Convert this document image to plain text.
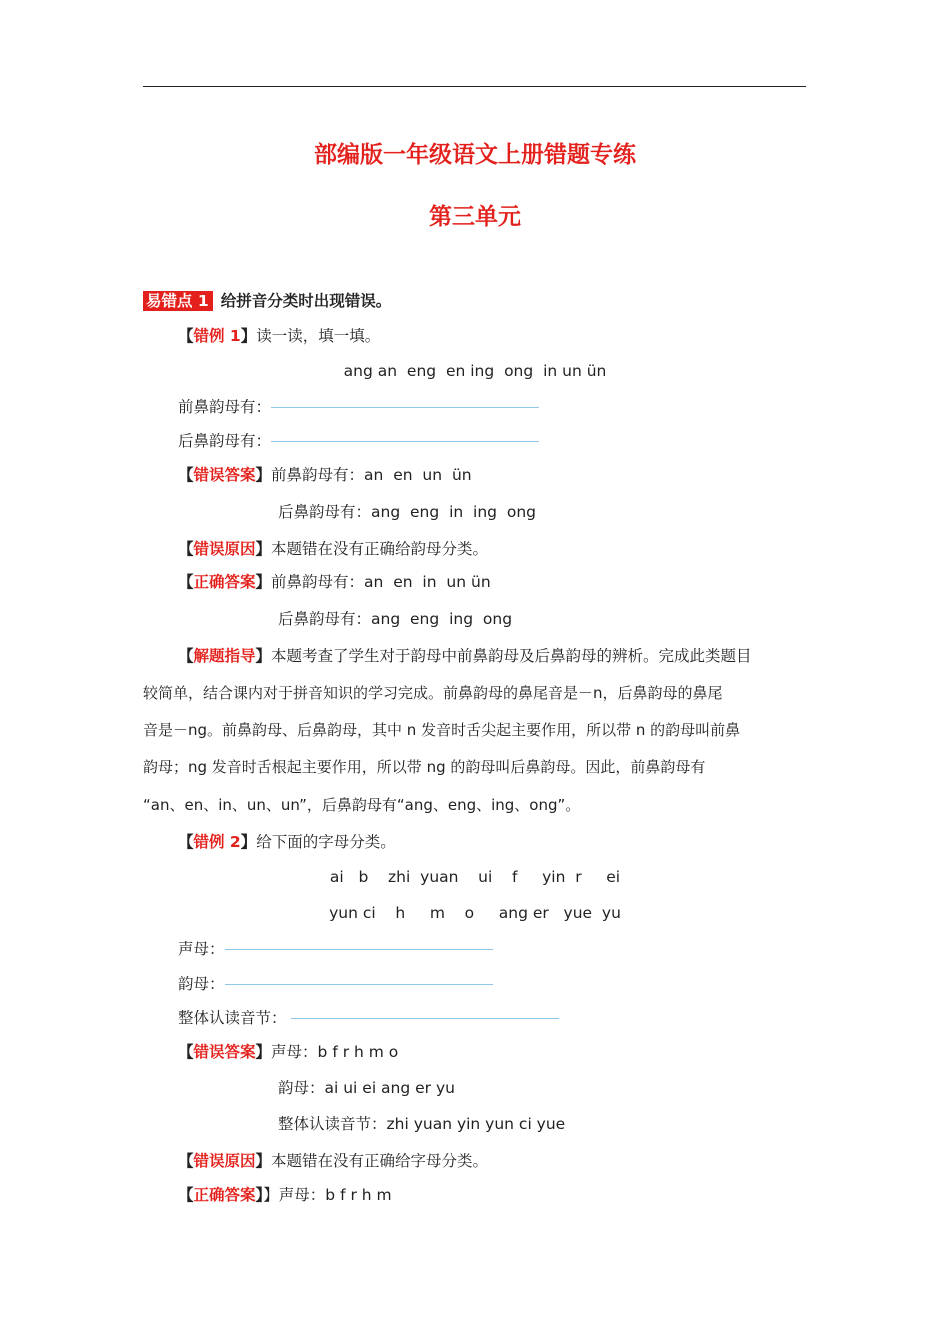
部编版一年级语文上册错题专练
第三单元
易错点 1 给拼音分类时出现错误。
【错例 1】读一读，填一填。
ang an  eng  en ing  ong  in un ün
前鼻韵母有：
后鼻韵母有：
【错误答案】前鼻韵母有：an  en  un  ün
后鼻韵母有：ang  eng  in  ing  ong
【错误原因】本题错在没有正确给韵母分类。
【正确答案】前鼻韵母有：an  en  in  un ün
后鼻韵母有：ang  eng  ing  ong
【解题指导】本题考查了学生对于韵母中前鼻韵母及后鼻韵母的辨析。完成此类题目
较简单，结合课内对于拼音知识的学习完成。前鼻韵母的鼻尾音是－n，后鼻韵母的鼻尾
音是－ng。前鼻韵母、后鼻韵母，其中 n 发音时舌尖起主要作用，所以带 n 的韵母叫前鼻
韵母；ng 发音时舌根起主要作用，所以带 ng 的韵母叫后鼻韵母。因此，前鼻韵母有
“an、en、in、un、un”，后鼻韵母有“ang、eng、ing、ong”。
【错例 2】给下面的字母分类。
ai   b    zhi  yuan    ui    f     yin  r     ei
yun ci    h     m    o     ang er   yue  yu
声母：
韵母：
整体认读音节：
【错误答案】声母：b f r h m o
韵母：ai ui ei ang er yu
整体认读音节：zhi yuan yin yun ci yue
【错误原因】本题错在没有正确给字母分类。
【正确答案】】声母：b f r h m
